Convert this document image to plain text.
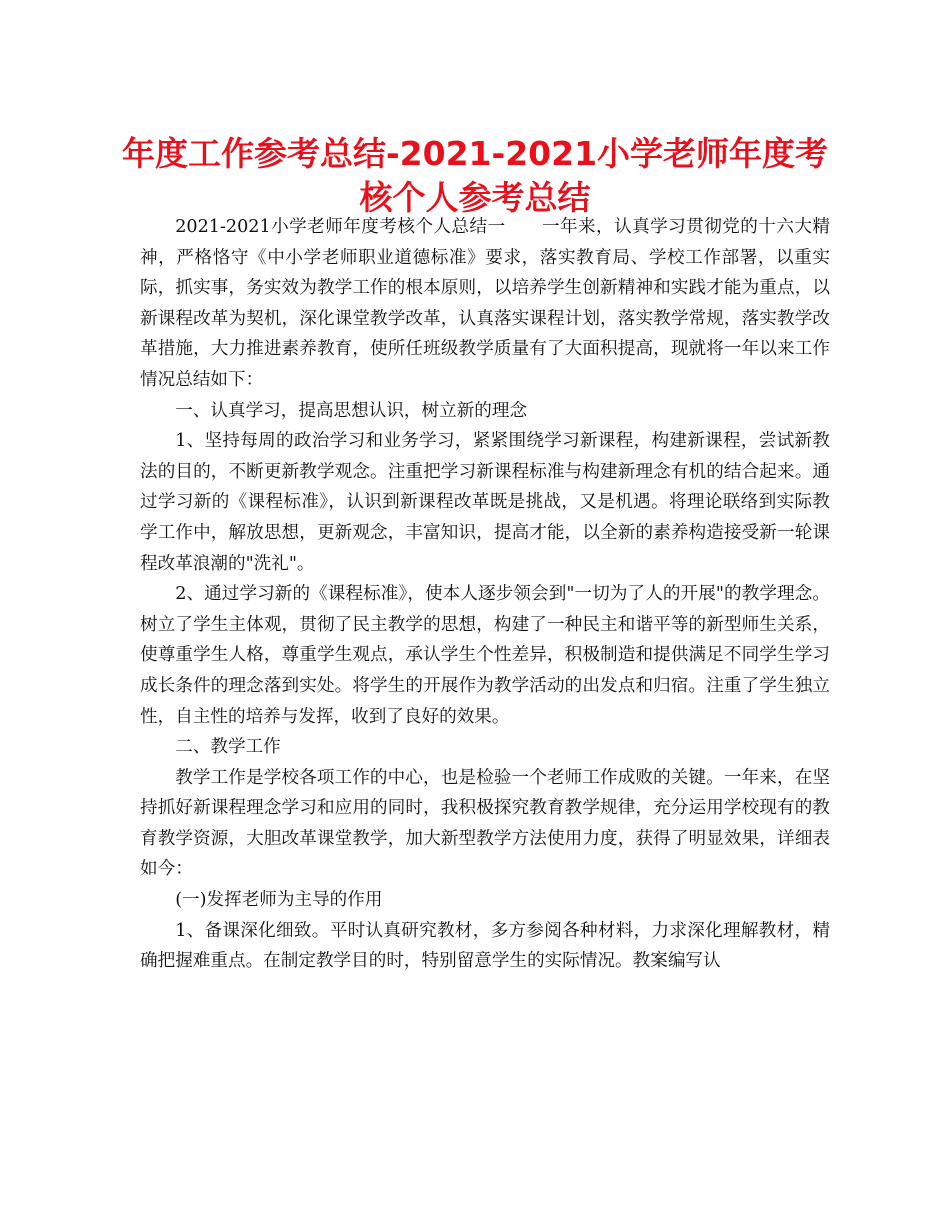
年度工作参考总结-2021-2021小学老师年度考
核个人参考总结

2021-2021小学老师年度考核个人总结一 一年来，认真学习贯彻党的十六大精神，严格恪守《中小学老师职业道德标准》要求，落实教育局、学校工作部署，以重实际，抓实事，务实效为教学工作的根本原则，以培养学生创新精神和实践才能为重点，以新课程改革为契机，深化课堂教学改革，认真落实课程计划，落实教学常规，落实教学改革措施，大力推进素养教育，使所任班级教学质量有了大面积提高，现就将一年以来工作情况总结如下：

一、认真学习，提高思想认识，树立新的理念

1、坚持每周的政治学习和业务学习，紧紧围绕学习新课程，构建新课程，尝试新教法的目的，不断更新教学观念。注重把学习新课程标准与构建新理念有机的结合起来。通过学习新的《课程标准》，认识到新课程改革既是挑战，又是机遇。将理论联络到实际教学工作中，解放思想，更新观念，丰富知识，提高才能，以全新的素养构造接受新一轮课程改革浪潮的"洗礼"。

2、通过学习新的《课程标准》，使本人逐步领会到"一切为了人的开展"的教学理念。树立了学生主体观，贯彻了民主教学的思想，构建了一种民主和谐平等的新型师生关系，使尊重学生人格，尊重学生观点，承认学生个性差异，积极制造和提供满足不同学生学习成长条件的理念落到实处。将学生的开展作为教学活动的出发点和归宿。注重了学生独立性，自主性的培养与发挥，收到了良好的效果。

二、教学工作

教学工作是学校各项工作的中心，也是检验一个老师工作成败的关键。一年来，在坚持抓好新课程理念学习和应用的同时，我积极探究教育教学规律，充分运用学校现有的教育教学资源，大胆改革课堂教学，加大新型教学方法使用力度，获得了明显效果，详细表如今：

(一)发挥老师为主导的作用

1、备课深化细致。平时认真研究教材，多方参阅各种材料，力求深化理解教材，精确把握难重点。在制定教学目的时，特别留意学生的实际情况。教案编写认
